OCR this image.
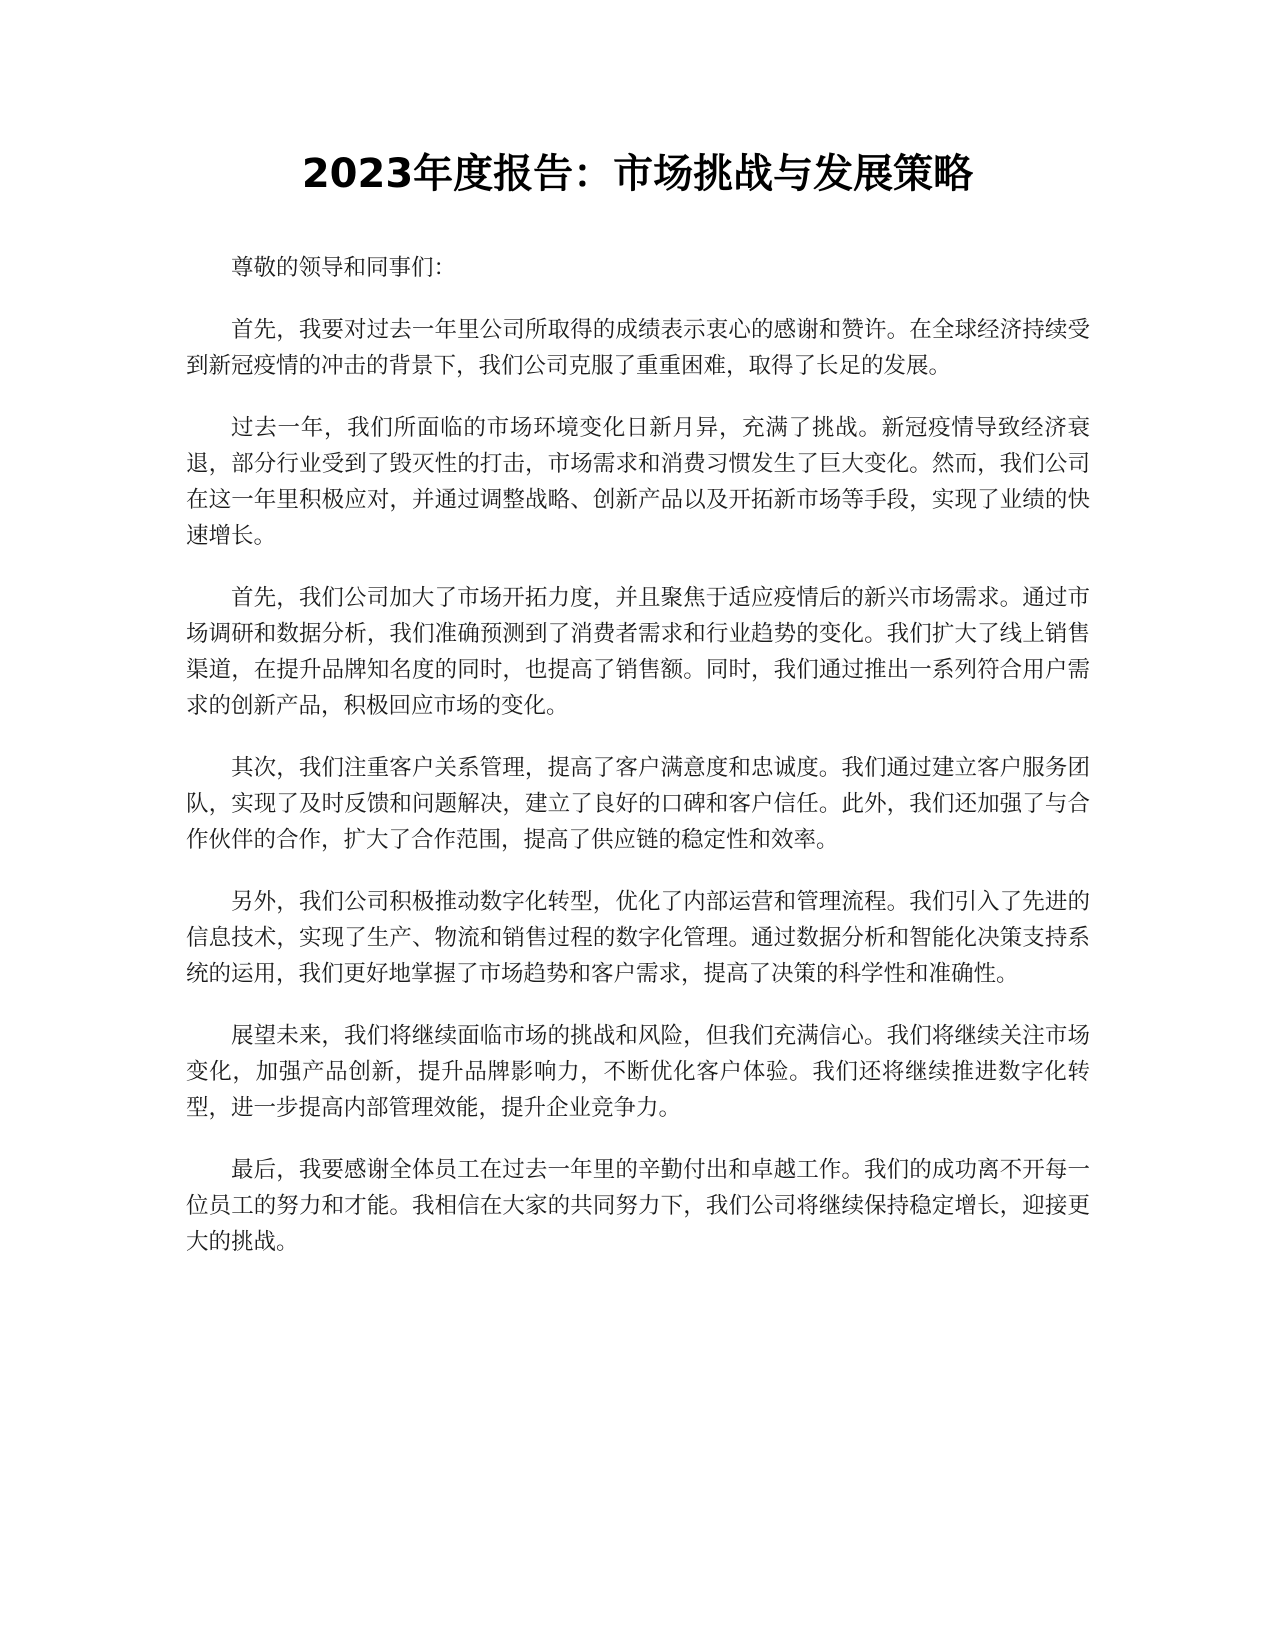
2023年度报告：市场挑战与发展策略

尊敬的领导和同事们：

首先，我要对过去一年里公司所取得的成绩表示衷心的感谢和赞许。在全球经济持续受到新冠疫情的冲击的背景下，我们公司克服了重重困难，取得了长足的发展。

过去一年，我们所面临的市场环境变化日新月异，充满了挑战。新冠疫情导致经济衰退，部分行业受到了毁灭性的打击，市场需求和消费习惯发生了巨大变化。然而，我们公司在这一年里积极应对，并通过调整战略、创新产品以及开拓新市场等手段，实现了业绩的快速增长。

首先，我们公司加大了市场开拓力度，并且聚焦于适应疫情后的新兴市场需求。通过市场调研和数据分析，我们准确预测到了消费者需求和行业趋势的变化。我们扩大了线上销售渠道，在提升品牌知名度的同时，也提高了销售额。同时，我们通过推出一系列符合用户需求的创新产品，积极回应市场的变化。

其次，我们注重客户关系管理，提高了客户满意度和忠诚度。我们通过建立客户服务团队，实现了及时反馈和问题解决，建立了良好的口碑和客户信任。此外，我们还加强了与合作伙伴的合作，扩大了合作范围，提高了供应链的稳定性和效率。

另外，我们公司积极推动数字化转型，优化了内部运营和管理流程。我们引入了先进的信息技术，实现了生产、物流和销售过程的数字化管理。通过数据分析和智能化决策支持系统的运用，我们更好地掌握了市场趋势和客户需求，提高了决策的科学性和准确性。

展望未来，我们将继续面临市场的挑战和风险，但我们充满信心。我们将继续关注市场变化，加强产品创新，提升品牌影响力，不断优化客户体验。我们还将继续推进数字化转型，进一步提高内部管理效能，提升企业竞争力。

最后，我要感谢全体员工在过去一年里的辛勤付出和卓越工作。我们的成功离不开每一位员工的努力和才能。我相信在大家的共同努力下，我们公司将继续保持稳定增长，迎接更大的挑战。
